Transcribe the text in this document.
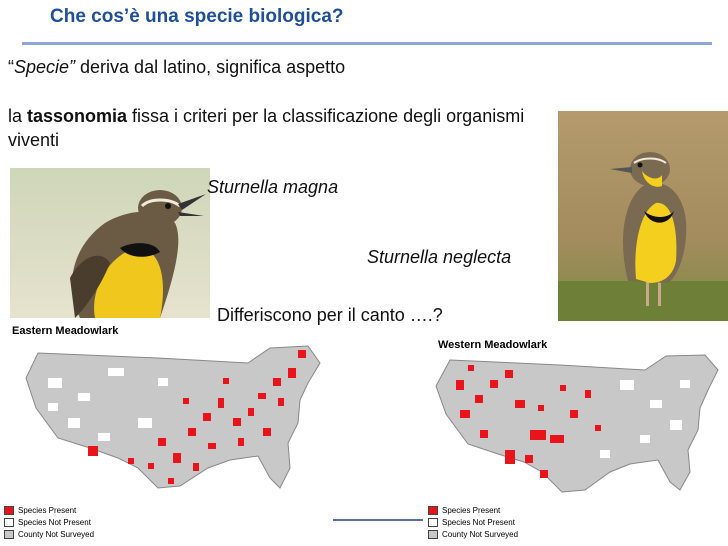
Che cos’è una specie biologica?
“Specie” deriva dal latino, significa aspetto
la tassonomia fissa i criteri per la classificazione degli organismi viventi
Sturnella magna
Sturnella neglecta
Differiscono per il canto ….?
Eastern Meadowlark
Species Present
Species Not Present
County Not Surveyed
Western Meadowlark
Species Present
Species Not Present
County Not Surveyed
